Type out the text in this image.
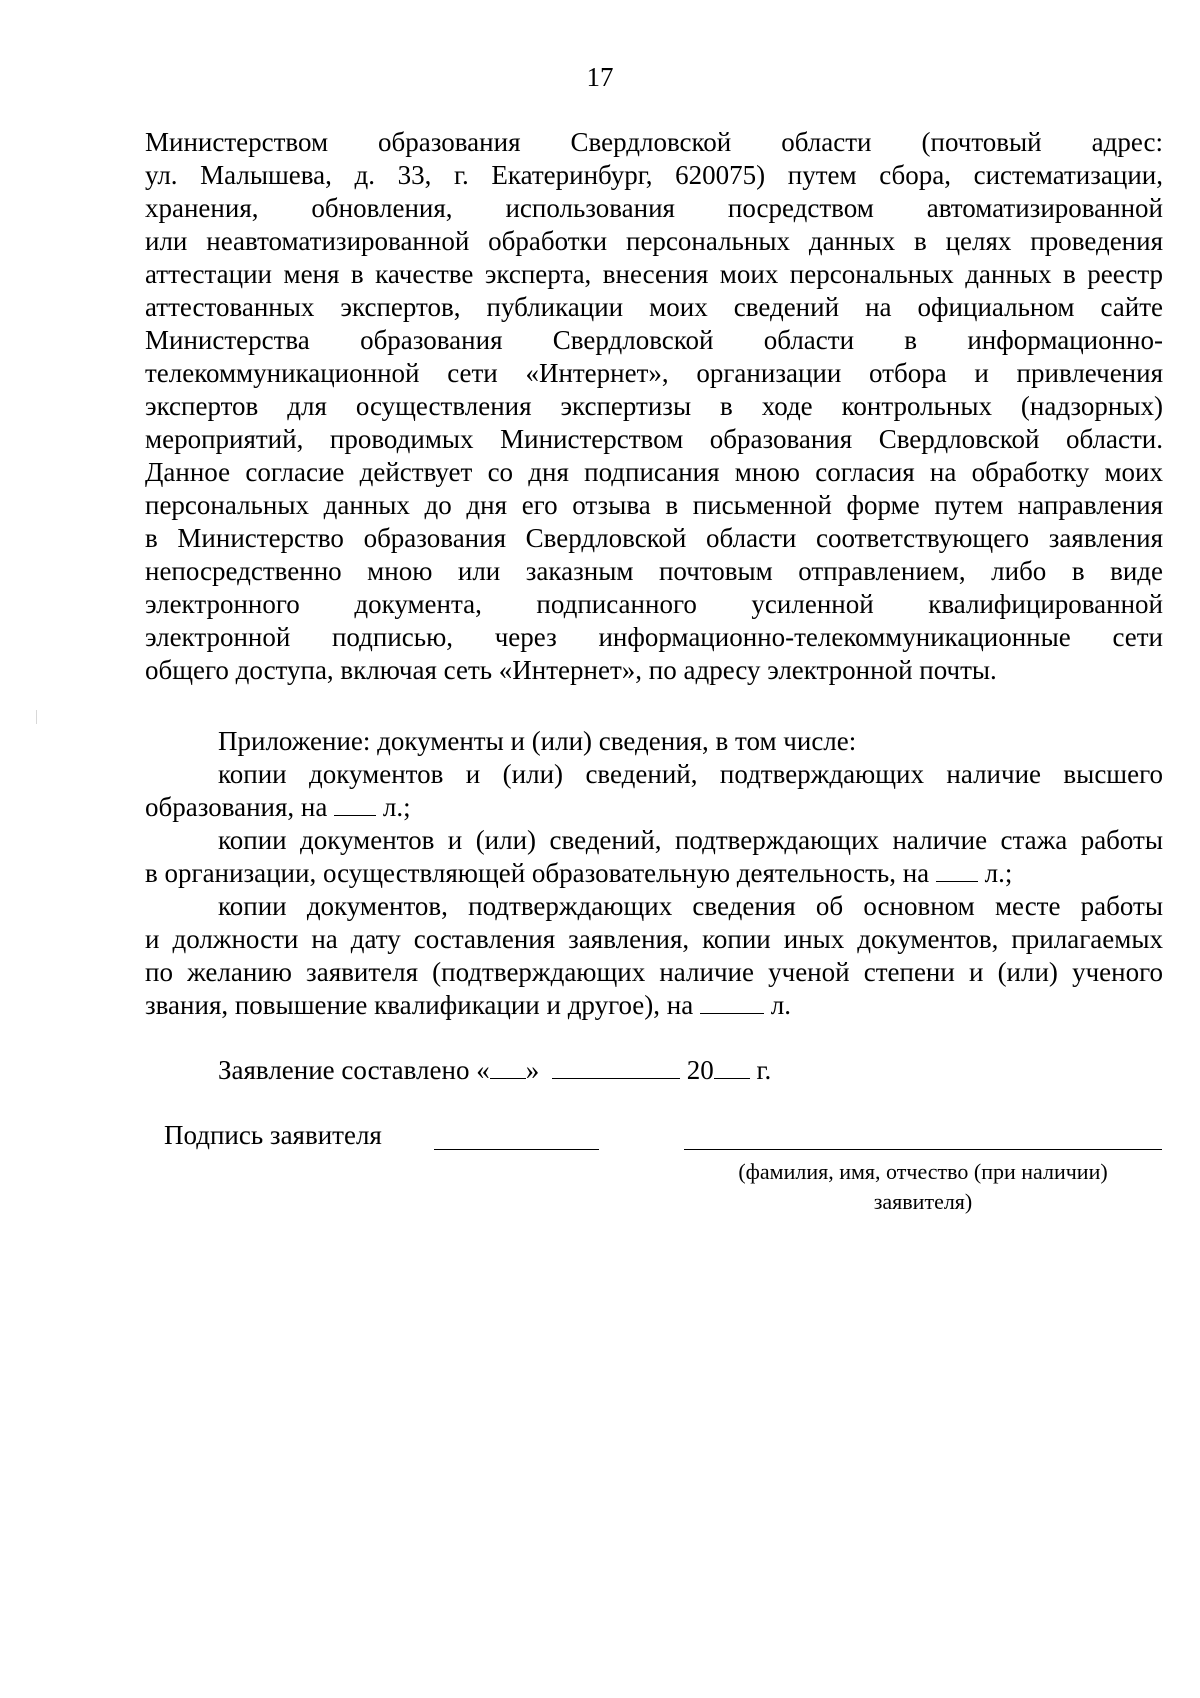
17
Министерством образования Свердловской области (почтовый адрес:
ул. Малышева, д. 33, г. Екатеринбург, 620075) путем сбора, систематизации,
хранения, обновления, использования посредством автоматизированной
или неавтоматизированной обработки персональных данных в целях проведения
аттестации меня в качестве эксперта, внесения моих персональных данных в реестр
аттестованных экспертов, публикации моих сведений на официальном сайте
Министерства образования Свердловской области в информационно-
телекоммуникационной сети «Интернет», организации отбора и привлечения
экспертов для осуществления экспертизы в ходе контрольных (надзорных)
мероприятий, проводимых Министерством образования Свердловской области.
Данное согласие действует со дня подписания мною согласия на обработку моих
персональных данных до дня его отзыва в письменной форме путем направления
в Министерство образования Свердловской области соответствующего заявления
непосредственно мною или заказным почтовым отправлением, либо в виде
электронного документа, подписанного усиленной квалифицированной
электронной подписью, через информационно-телекоммуникационные сети
общего доступа, включая сеть «Интернет», по адресу электронной почты.
Приложение: документы и (или) сведения, в том числе:
копии документов и (или) сведений, подтверждающих наличие высшего
образования, на л.;
копии документов и (или) сведений, подтверждающих наличие стажа работы
в организации, осуществляющей образовательную деятельность, на л.;
копии документов, подтверждающих сведения об основном месте работы
и должности на дату составления заявления, копии иных документов, прилагаемых
по желанию заявителя (подтверждающих наличие ученой степени и (или) ученого
звания, повышение квалификации и другое), на	л.
Заявление составлено « »	20 г.
Подпись заявителя
(фамилия, имя, отчество (при наличии)
заявителя)
